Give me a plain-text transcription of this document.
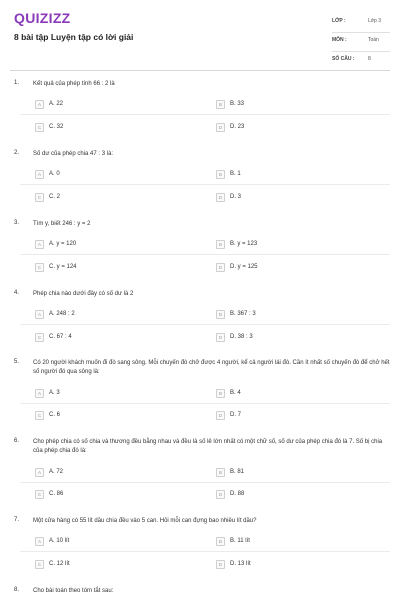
QUIZIZZ
8 bài tập Luyện tập có lời giải
LỚP :	Lớp 3
MÔN :	Toán
SỐ CÂU :	8
1. Kết quả của phép tính 66 : 2 là
A	A. 22	B	B. 33
C	C. 32	D	D. 23
2. Số dư của phép chia 47 : 3 là:
A	A. 0	B	B. 1
C	C. 2	D	D. 3
3. Tìm y, biết 246 : y = 2
A	A. y = 120	B	B. y = 123
C	C. y = 124	D	D. y = 125
4. Phép chia nào dưới đây có số dư là 2
A	A. 248 : 2	B	B. 367 : 3
C	C. 67 : 4	D	D. 38 : 3
5. Có 20 người khách muốn đi đò sang sông. Mỗi chuyến đò chở được 4 người, kể cả người lái đò. Cần ít nhất số chuyến đò để chở hết số người đó qua sông là:
A	A. 3	B	B. 4
C	C. 6	D	D. 7
6. Cho phép chia có số chia và thương đều bằng nhau và đều là số lẻ lớn nhất có một chữ số, số dư của phép chia đó là 7. Số bị chia của phép chia đó là:
A	A. 72	B	B. 81
C	C. 86	D	D. 88
7. Một cửa hàng có 55 lít dầu chia đều vào 5 can. Hỏi mỗi can đựng bao nhiêu lít dầu?
A	A. 10 lít	B	B. 11 lít
C	C. 12 lít	D	D. 13 lít
8. Cho bài toán theo tóm tắt sau:
